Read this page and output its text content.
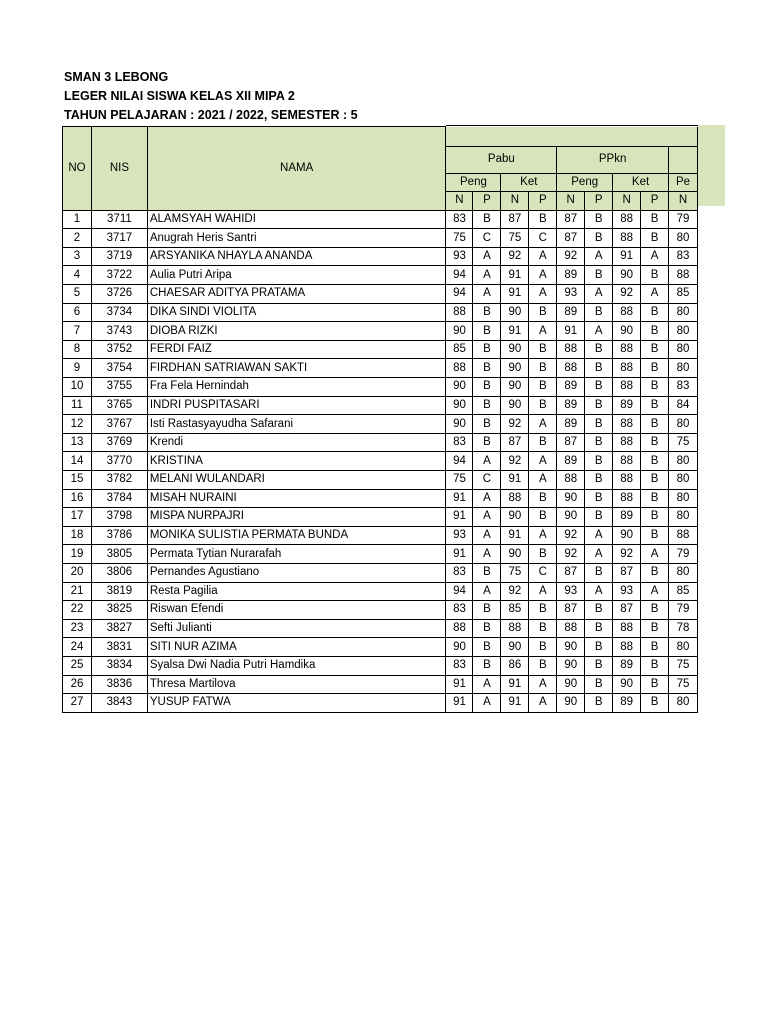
SMAN 3 LEBONG
LEGER NILAI SISWA KELAS XII MIPA 2
TAHUN PELAJARAN : 2021 / 2022, SEMESTER : 5
NO	NIS	NAMA									
			Pabu				PPkn				
			Peng		Ket		Peng		Ket		Pe
			N	P	N	P	N	P	N	P	N
1	3711	ALAMSYAH WAHIDI	83	B	87	B	87	B	88	B	79
2	3717	Anugrah Heris Santri	75	C	75	C	87	B	88	B	80
3	3719	ARSYANIKA NHAYLA ANANDA	93	A	92	A	92	A	91	A	83
4	3722	Aulia Putri Aripa	94	A	91	A	89	B	90	B	88
5	3726	CHAESAR ADITYA PRATAMA	94	A	91	A	93	A	92	A	85
6	3734	DIKA SINDI VIOLITA	88	B	90	B	89	B	88	B	80
7	3743	DIOBA RIZKI	90	B	91	A	91	A	90	B	80
8	3752	FERDI FAIZ	85	B	90	B	88	B	88	B	80
9	3754	FIRDHAN SATRIAWAN SAKTI	88	B	90	B	88	B	88	B	80
10	3755	Fra Fela Hernindah	90	B	90	B	89	B	88	B	83
11	3765	INDRI PUSPITASARI	90	B	90	B	89	B	89	B	84
12	3767	Isti Rastasyayudha Safarani	90	B	92	A	89	B	88	B	80
13	3769	Krendi	83	B	87	B	87	B	88	B	75
14	3770	KRISTINA	94	A	92	A	89	B	88	B	80
15	3782	MELANI WULANDARI	75	C	91	A	88	B	88	B	80
16	3784	MISAH NURAINI	91	A	88	B	90	B	88	B	80
17	3798	MISPA NURPAJRI	91	A	90	B	90	B	89	B	80
18	3786	MONIKA SULISTIA PERMATA BUNDA	93	A	91	A	92	A	90	B	88
19	3805	Permata Tytian Nurarafah	91	A	90	B	92	A	92	A	79
20	3806	Pernandes Agustiano	83	B	75	C	87	B	87	B	80
21	3819	Resta Pagilia	94	A	92	A	93	A	93	A	85
22	3825	Riswan Efendi	83	B	85	B	87	B	87	B	79
23	3827	Sefti Julianti	88	B	88	B	88	B	88	B	78
24	3831	SITI NUR AZIMA	90	B	90	B	90	B	88	B	80
25	3834	Syalsa Dwi Nadia Putri Hamdika	83	B	86	B	90	B	89	B	75
26	3836	Thresa Martilova	91	A	91	A	90	B	90	B	75
27	3843	YUSUP FATWA	91	A	91	A	90	B	89	B	80
